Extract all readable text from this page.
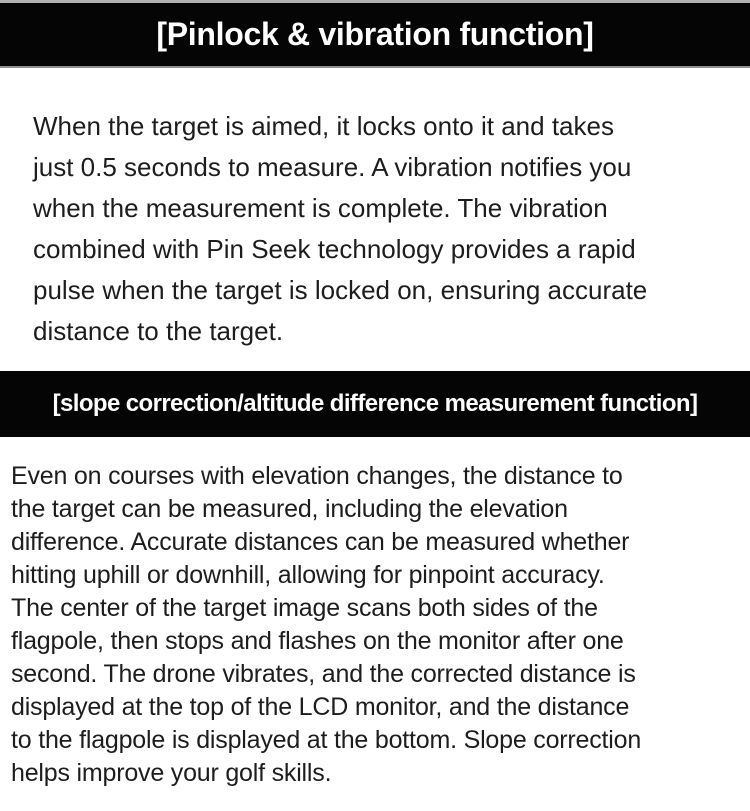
[Pinlock & vibration function]
When the target is aimed, it locks onto it and takes
just 0.5 seconds to measure. A vibration notifies you
when the measurement is complete. The vibration
combined with Pin Seek technology provides a rapid
pulse when the target is locked on, ensuring accurate
distance to the target.
[slope correction/altitude difference measurement function]
Even on courses with elevation changes, the distance to
the target can be measured, including the elevation
difference. Accurate distances can be measured whether
hitting uphill or downhill, allowing for pinpoint accuracy.
The center of the target image scans both sides of the
flagpole, then stops and flashes on the monitor after one
second. The drone vibrates, and the corrected distance is
displayed at the top of the LCD monitor, and the distance
to the flagpole is displayed at the bottom. Slope correction
helps improve your golf skills.
